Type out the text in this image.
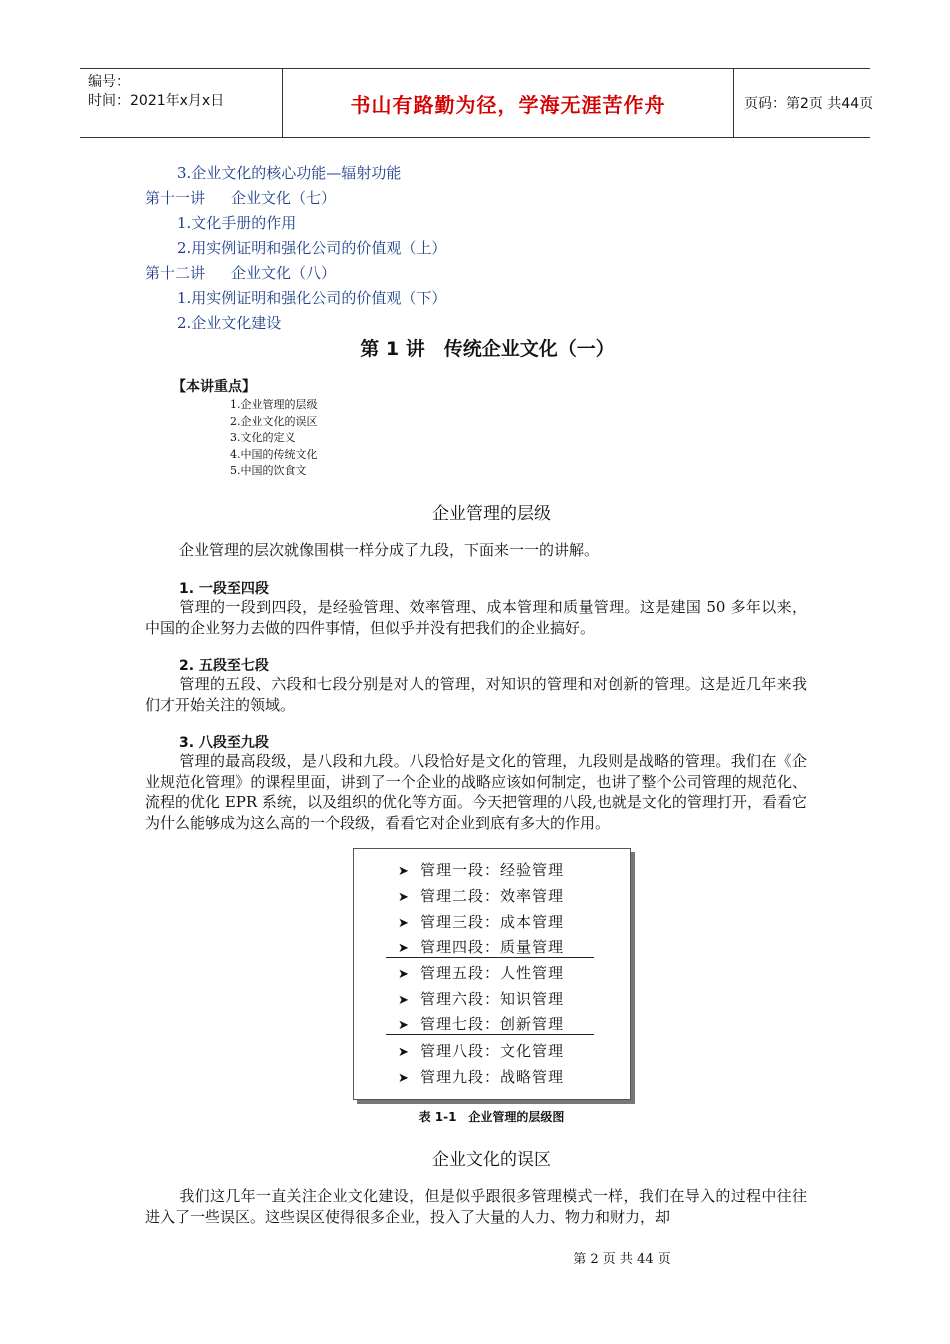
编号：
时间：2021年x月x日	书山有路勤为径，学海无涯苦作舟	页码：第2页 共44页
3.企业文化的核心功能—辐射功能
第十一讲 企业文化（七）
1.文化手册的作用
2.用实例证明和强化公司的价值观（上）
第十二讲 企业文化（八）
1.用实例证明和强化公司的价值观（下）
2.企业文化建设
第 1 讲　传统企业文化（一）
【本讲重点】
1.企业管理的层级
2.企业文化的误区
3.文化的定义
4.中国的传统文化
5.中国的饮食文
企业管理的层级

企业管理的层次就像围棋一样分成了九段，下面来一一的讲解。

1. 一段至四段

管理的一段到四段，是经验管理、效率管理、成本管理和质量管理。这是建国 50 多年以来，中国的企业努力去做的四件事情，但似乎并没有把我们的企业搞好。

2. 五段至七段

管理的五段、六段和七段分别是对人的管理，对知识的管理和对创新的管理。这是近几年来我们才开始关注的领域。

3. 八段至九段

管理的最高段级，是八段和九段。八段恰好是文化的管理，九段则是战略的管理。我们在《企业规范化管理》的课程里面，讲到了一个企业的战略应该如何制定，也讲了整个公司管理的规范化、流程的优化 EPR 系统，以及组织的优化等方面。今天把管理的八段,也就是文化的管理打开，看看它为什么能够成为这么高的一个段级，看看它对企业到底有多大的作用。

➤ 管理一段：经验管理
➤ 管理二段：效率管理
➤ 管理三段：成本管理
➤ 管理四段：质量管理
➤ 管理五段：人性管理
➤ 管理六段：知识管理
➤ 管理七段：创新管理
➤ 管理八段：文化管理
➤ 管理九段：战略管理
表 1-1　企业管理的层级图
企业文化的误区

我们这几年一直关注企业文化建设，但是似乎跟很多管理模式一样，我们在导入的过程中往往进入了一些误区。这些误区使得很多企业，投入了大量的人力、物力和财力，却

第 2 页 共 44 页
